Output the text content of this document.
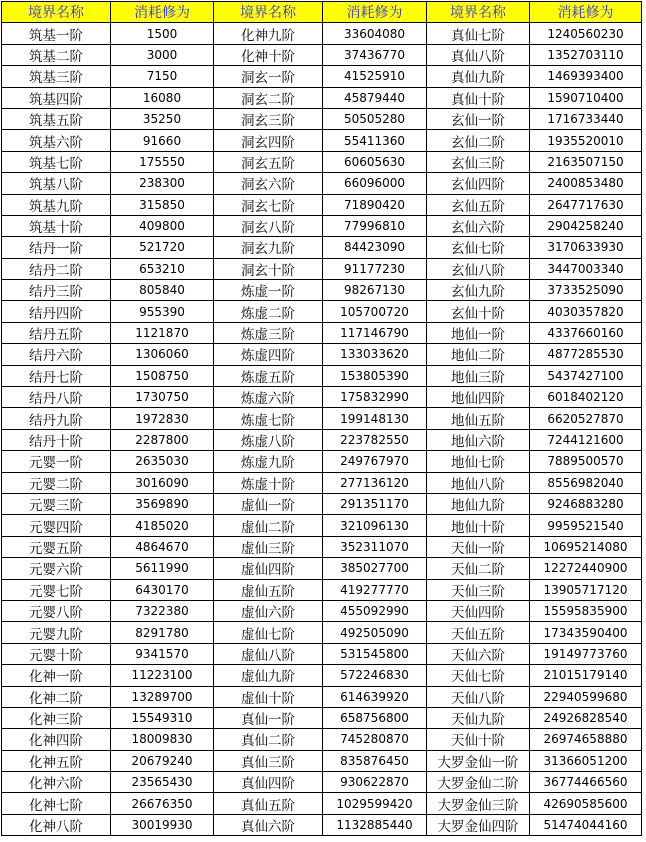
境界名称	消耗修为	境界名称	消耗修为	境界名称	消耗修为
筑基一阶	1500	化神九阶	33604080	真仙七阶	1240560230
筑基二阶	3000	化神十阶	37436770	真仙八阶	1352703110
筑基三阶	7150	洞玄一阶	41525910	真仙九阶	1469393400
筑基四阶	16080	洞玄二阶	45879440	真仙十阶	1590710400
筑基五阶	35250	洞玄三阶	50505280	玄仙一阶	1716733440
筑基六阶	91660	洞玄四阶	55411360	玄仙二阶	1935520010
筑基七阶	175550	洞玄五阶	60605630	玄仙三阶	2163507150
筑基八阶	238300	洞玄六阶	66096000	玄仙四阶	2400853480
筑基九阶	315850	洞玄七阶	71890420	玄仙五阶	2647717630
筑基十阶	409800	洞玄八阶	77996810	玄仙六阶	2904258240
结丹一阶	521720	洞玄九阶	84423090	玄仙七阶	3170633930
结丹二阶	653210	洞玄十阶	91177230	玄仙八阶	3447003340
结丹三阶	805840	炼虚一阶	98267130	玄仙九阶	3733525090
结丹四阶	955390	炼虚二阶	105700720	玄仙十阶	4030357820
结丹五阶	1121870	炼虚三阶	117146790	地仙一阶	4337660160
结丹六阶	1306060	炼虚四阶	133033620	地仙二阶	4877285530
结丹七阶	1508750	炼虚五阶	153805390	地仙三阶	5437427100
结丹八阶	1730750	炼虚六阶	175832990	地仙四阶	6018402120
结丹九阶	1972830	炼虚七阶	199148130	地仙五阶	6620527870
结丹十阶	2287800	炼虚八阶	223782550	地仙六阶	7244121600
元婴一阶	2635030	炼虚九阶	249767970	地仙七阶	7889500570
元婴二阶	3016090	炼虚十阶	277136120	地仙八阶	8556982040
元婴三阶	3569890	虚仙一阶	291351170	地仙九阶	9246883280
元婴四阶	4185020	虚仙二阶	321096130	地仙十阶	9959521540
元婴五阶	4864670	虚仙三阶	352311070	天仙一阶	10695214080
元婴六阶	5611990	虚仙四阶	385027700	天仙二阶	12272440900
元婴七阶	6430170	虚仙五阶	419277770	天仙三阶	13905717120
元婴八阶	7322380	虚仙六阶	455092990	天仙四阶	15595835900
元婴九阶	8291780	虚仙七阶	492505090	天仙五阶	17343590400
元婴十阶	9341570	虚仙八阶	531545800	天仙六阶	19149773760
化神一阶	11223100	虚仙九阶	572246830	天仙七阶	21015179140
化神二阶	13289700	虚仙十阶	614639920	天仙八阶	22940599680
化神三阶	15549310	真仙一阶	658756800	天仙九阶	24926828540
化神四阶	18009830	真仙二阶	745280870	天仙十阶	26974658880
化神五阶	20679240	真仙三阶	835876450	大罗金仙一阶	31366051200
化神六阶	23565430	真仙四阶	930622870	大罗金仙二阶	36774466560
化神七阶	26676350	真仙五阶	1029599420	大罗金仙三阶	42690585600
化神八阶	30019930	真仙六阶	1132885440	大罗金仙四阶	51474044160
